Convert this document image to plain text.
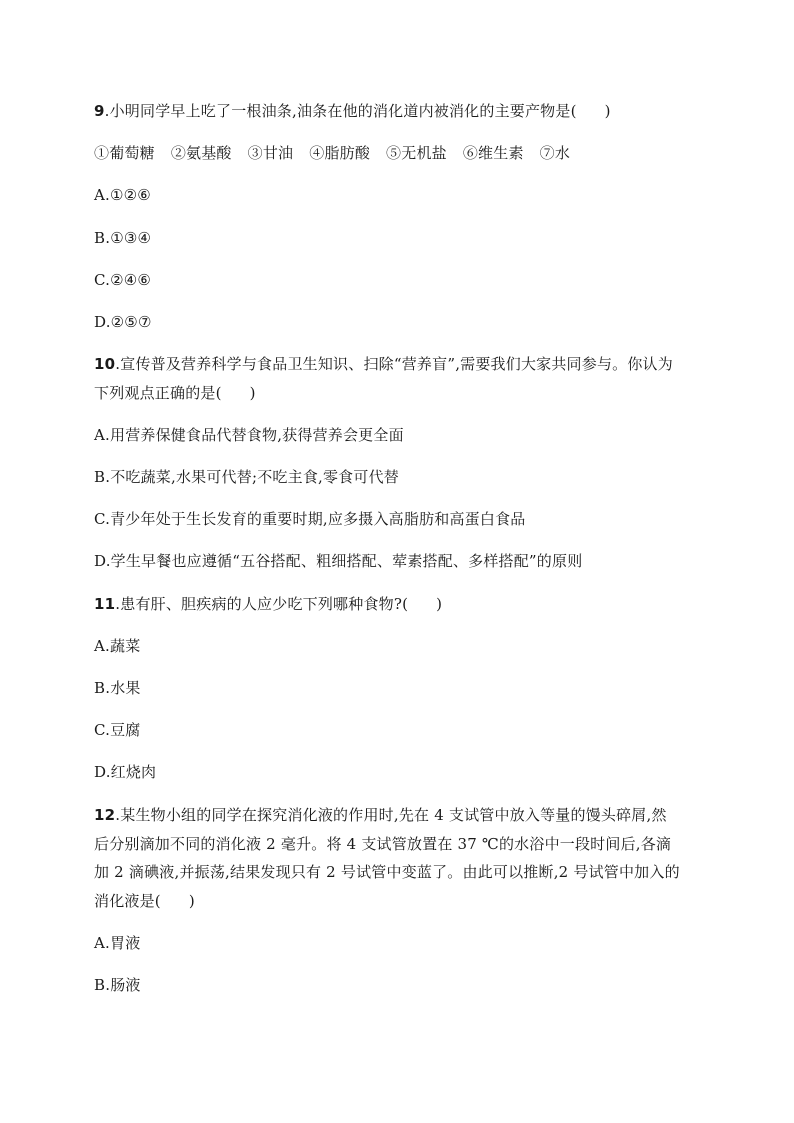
9.小明同学早上吃了一根油条,油条在他的消化道内被消化的主要产物是( )
①葡萄糖 ②氨基酸 ③甘油 ④脂肪酸 ⑤无机盐 ⑥维生素 ⑦水
A.①②⑥
B.①③④
C.②④⑥
D.②⑤⑦
10.宣传普及营养科学与食品卫生知识、扫除“营养盲”,需要我们大家共同参与。你认为
下列观点正确的是( )
A.用营养保健食品代替食物,获得营养会更全面
B.不吃蔬菜,水果可代替;不吃主食,零食可代替
C.青少年处于生长发育的重要时期,应多摄入高脂肪和高蛋白食品
D.学生早餐也应遵循“五谷搭配、粗细搭配、荤素搭配、多样搭配”的原则
11.患有肝、胆疾病的人应少吃下列哪种食物?( )
A.蔬菜
B.水果
C.豆腐
D.红烧肉
12.某生物小组的同学在探究消化液的作用时,先在 4 支试管中放入等量的馒头碎屑,然
后分别滴加不同的消化液 2 毫升。将 4 支试管放置在 37 ℃的水浴中一段时间后,各滴
加 2 滴碘液,并振荡,结果发现只有 2 号试管中变蓝了。由此可以推断,2 号试管中加入的
消化液是( )
A.胃液
B.肠液
